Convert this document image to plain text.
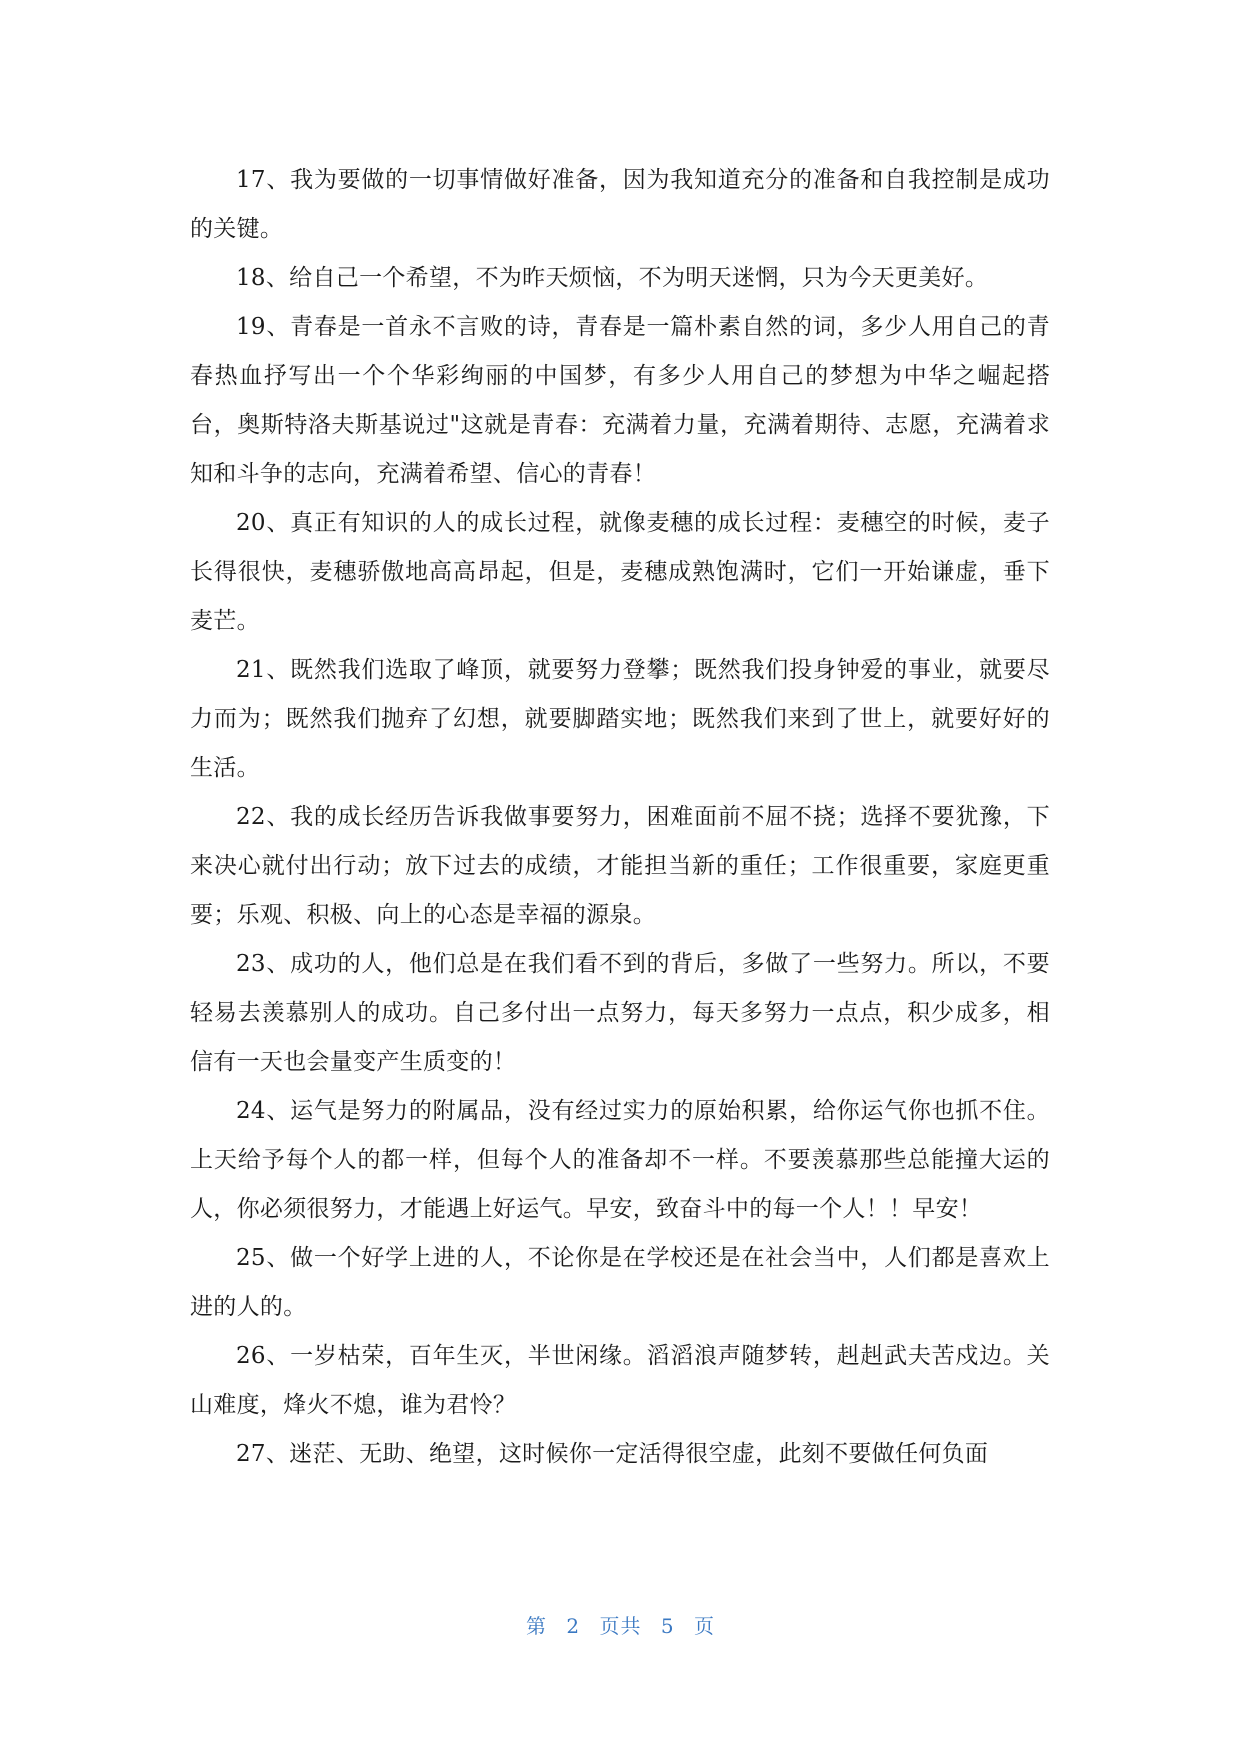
17、我为要做的一切事情做好准备，因为我知道充分的准备和自我控制是成功的关键。

18、给自己一个希望，不为昨天烦恼，不为明天迷惘，只为今天更美好。

19、青春是一首永不言败的诗，青春是一篇朴素自然的词，多少人用自己的青春热血抒写出一个个华彩绚丽的中国梦，有多少人用自己的梦想为中华之崛起搭台，奥斯特洛夫斯基说过"这就是青春：充满着力量，充满着期待、志愿，充满着求知和斗争的志向，充满着希望、信心的青春！

20、真正有知识的人的成长过程，就像麦穗的成长过程：麦穗空的时候，麦子长得很快，麦穗骄傲地高高昂起，但是，麦穗成熟饱满时，它们一开始谦虚，垂下麦芒。

21、既然我们选取了峰顶，就要努力登攀；既然我们投身钟爱的事业，就要尽力而为；既然我们抛弃了幻想，就要脚踏实地；既然我们来到了世上，就要好好的生活。

22、我的成长经历告诉我做事要努力，困难面前不屈不挠；选择不要犹豫，下来决心就付出行动；放下过去的成绩，才能担当新的重任；工作很重要，家庭更重要；乐观、积极、向上的心态是幸福的源泉。

23、成功的人，他们总是在我们看不到的背后，多做了一些努力。所以，不要轻易去羡慕别人的成功。自己多付出一点努力，每天多努力一点点，积少成多，相信有一天也会量变产生质变的！

24、运气是努力的附属品，没有经过实力的原始积累，给你运气你也抓不住。上天给予每个人的都一样，但每个人的准备却不一样。不要羡慕那些总能撞大运的人，你必须很努力，才能遇上好运气。早安，致奋斗中的每一个人！！早安！

25、做一个好学上进的人，不论你是在学校还是在社会当中，人们都是喜欢上进的人的。

26、一岁枯荣，百年生灭，半世闲缘。滔滔浪声随梦转，赳赳武夫苦戍边。关山难度，烽火不熄，谁为君怜？

27、迷茫、无助、绝望，这时候你一定活得很空虚，此刻不要做任何负面

第 2 页共 5 页
